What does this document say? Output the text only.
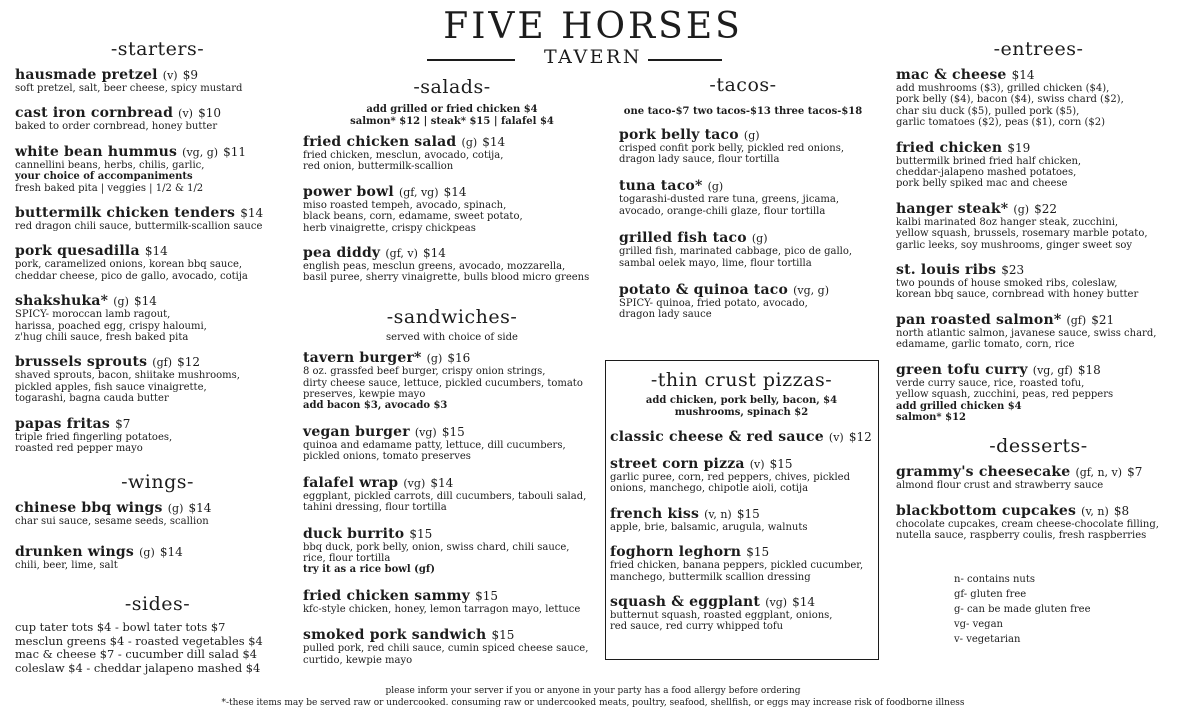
FIVE HORSES
TAVERN
-starters-
hausmade pretzel (v) $9
soft pretzel, salt, beer cheese, spicy mustard
cast iron cornbread (v) $10
baked to order cornbread, honey butter
white bean hummus (vg, g) $11
cannellini beans, herbs, chilis, garlic,
your choice of accompaniments
fresh baked pita | veggies | 1/2 & 1/2
buttermilk chicken tenders $14
red dragon chili sauce, buttermilk-scallion sauce
pork quesadilla $14
pork, caramelized onions, korean bbq sauce,
cheddar cheese, pico de gallo, avocado, cotija
shakshuka* (g) $14
SPICY- moroccan lamb ragout,
harissa, poached egg, crispy haloumi,
z'hug chili sauce, fresh baked pita
brussels sprouts (gf) $12
shaved sprouts, bacon, shiitake mushrooms,
pickled apples, fish sauce vinaigrette,
togarashi, bagna cauda butter
papas fritas $7
triple fried fingerling potatoes,
roasted red pepper mayo
-wings-
chinese bbq wings (g) $14
char sui sauce, sesame seeds, scallion
drunken wings (g) $14
chili, beer, lime, salt
-sides-
cup tater tots $4 - bowl tater tots $7
mesclun greens $4 - roasted vegetables $4
mac & cheese $7 - cucumber dill salad $4
coleslaw $4 - cheddar jalapeno mashed $4
-salads-
add grilled or fried chicken $4
salmon* $12 | steak* $15 | falafel $4
fried chicken salad (g) $14
fried chicken, mesclun, avocado, cotija,
red onion, buttermilk-scallion
power bowl (gf, vg) $14
miso roasted tempeh, avocado, spinach,
black beans, corn, edamame, sweet potato,
herb vinaigrette, crispy chickpeas
pea diddy (gf, v) $14
english peas, mesclun greens, avocado, mozzarella,
basil puree, sherry vinaigrette, bulls blood micro greens
-sandwiches-
served with choice of side
tavern burger* (g) $16
8 oz. grassfed beef burger, crispy onion strings,
dirty cheese sauce, lettuce, pickled cucumbers, tomato
preserves, kewpie mayo
add bacon $3, avocado $3
vegan burger (vg) $15
quinoa and edamame patty, lettuce, dill cucumbers,
pickled onions, tomato preserves
falafel wrap (vg) $14
eggplant, pickled carrots, dill cucumbers, tabouli salad,
tahini dressing, flour tortilla
duck burrito $15
bbq duck, pork belly, onion, swiss chard, chili sauce,
rice, flour tortilla
try it as a rice bowl (gf)
fried chicken sammy $15
kfc-style chicken, honey, lemon tarragon mayo, lettuce
smoked pork sandwich $15
pulled pork, red chili sauce, cumin spiced cheese sauce,
curtido, kewpie mayo
-tacos-
one taco-$7 two tacos-$13 three tacos-$18
pork belly taco (g)
crisped confit pork belly, pickled red onions,
dragon lady sauce, flour tortilla
tuna taco* (g)
togarashi-dusted rare tuna, greens, jicama,
avocado, orange-chili glaze, flour tortilla
grilled fish taco (g)
grilled fish, marinated cabbage, pico de gallo,
sambal oelek mayo, lime, flour tortilla
potato & quinoa taco (vg, g)
SPICY- quinoa, fried potato, avocado,
dragon lady sauce
-thin crust pizzas-
add chicken, pork belly, bacon, $4
mushrooms, spinach $2
classic cheese & red sauce (v) $12
street corn pizza (v) $15
garlic puree, corn, red peppers, chives, pickled
onions, manchego, chipotle aioli, cotija
french kiss (v, n) $15
apple, brie, balsamic, arugula, walnuts
foghorn leghorn $15
fried chicken, banana peppers, pickled cucumber,
manchego, buttermilk scallion dressing
squash & eggplant (vg) $14
butternut squash, roasted eggplant, onions,
red sauce, red curry whipped tofu
-entrees-
mac & cheese $14
add mushrooms ($3), grilled chicken ($4),
pork belly ($4), bacon ($4), swiss chard ($2),
char siu duck ($5), pulled pork ($5),
garlic tomatoes ($2), peas ($1), corn ($2)
fried chicken $19
buttermilk brined fried half chicken,
cheddar-jalapeno mashed potatoes,
pork belly spiked mac and cheese
hanger steak* (g) $22
kalbi marinated 8oz hanger steak, zucchini,
yellow squash, brussels, rosemary marble potato,
garlic leeks, soy mushrooms, ginger sweet soy
st. louis ribs $23
two pounds of house smoked ribs, coleslaw,
korean bbq sauce, cornbread with honey butter
pan roasted salmon* (gf) $21
north atlantic salmon, javanese sauce, swiss chard,
edamame, garlic tomato, corn, rice
green tofu curry (vg, gf) $18
verde curry sauce, rice, roasted tofu,
yellow squash, zucchini, peas, red peppers
add grilled chicken $4
salmon* $12
-desserts-
grammy's cheesecake (gf, n, v) $7
almond flour crust and strawberry sauce
blackbottom cupcakes (v, n) $8
chocolate cupcakes, cream cheese-chocolate filling,
nutella sauce, raspberry coulis, fresh raspberries
n- contains nuts
gf- gluten free
g- can be made gluten free
vg- vegan
v- vegetarian
please inform your server if you or anyone in your party has a food allergy before ordering
*-these items may be served raw or undercooked. consuming raw or undercooked meats, poultry, seafood, shellfish, or eggs may increase risk of foodborne illness
